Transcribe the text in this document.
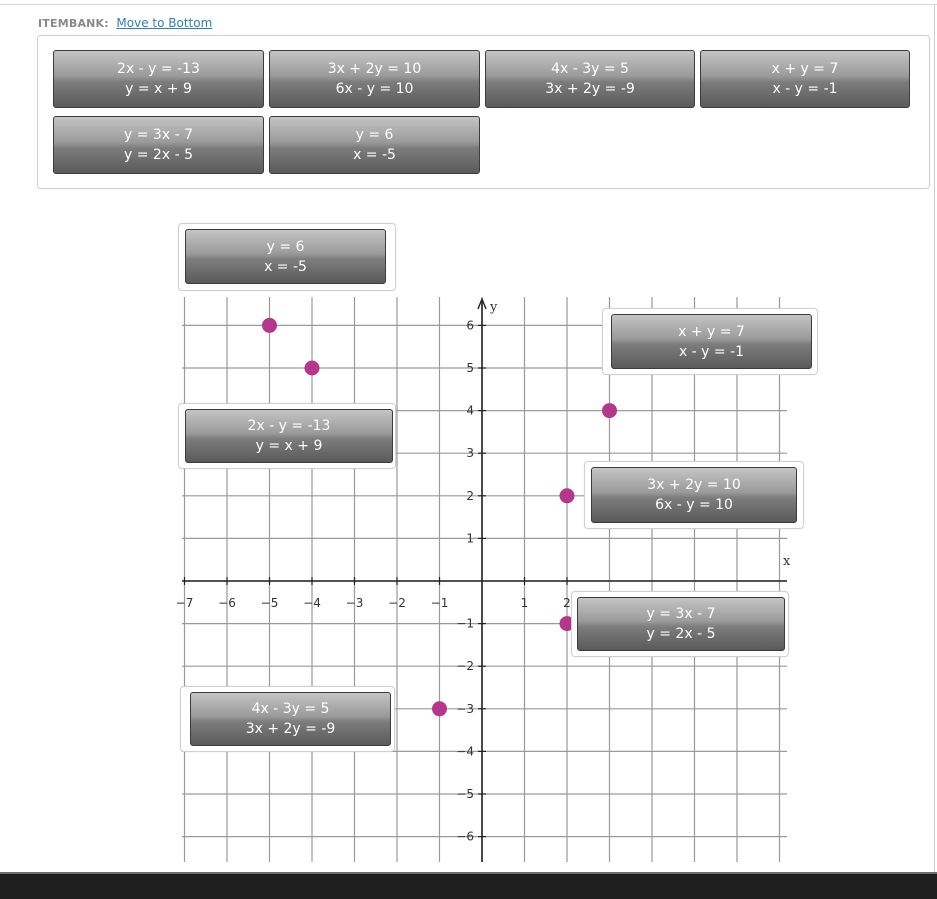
ITEMBANK: Move to Bottom
2x - y = -13
y = x + 9
3x + 2y = 10
6x - y = 10
4x - 3y = 5
3x + 2y = -9
x + y = 7
x - y = -1
y = 3x - 7
y = 2x - 5
y = 6
x = -5
y
x
−7 −6 −5 −4 −3 −2 −1	1	2
−6
−5
−4
−3
−2
−1
1
2
3
4
5
6
y = 6
x = -5
x + y = 7
x - y = -1
2x - y = -13
y = x + 9
3x + 2y = 10
6x - y = 10
y = 3x - 7
y = 2x - 5
4x - 3y = 5
3x + 2y = -9
